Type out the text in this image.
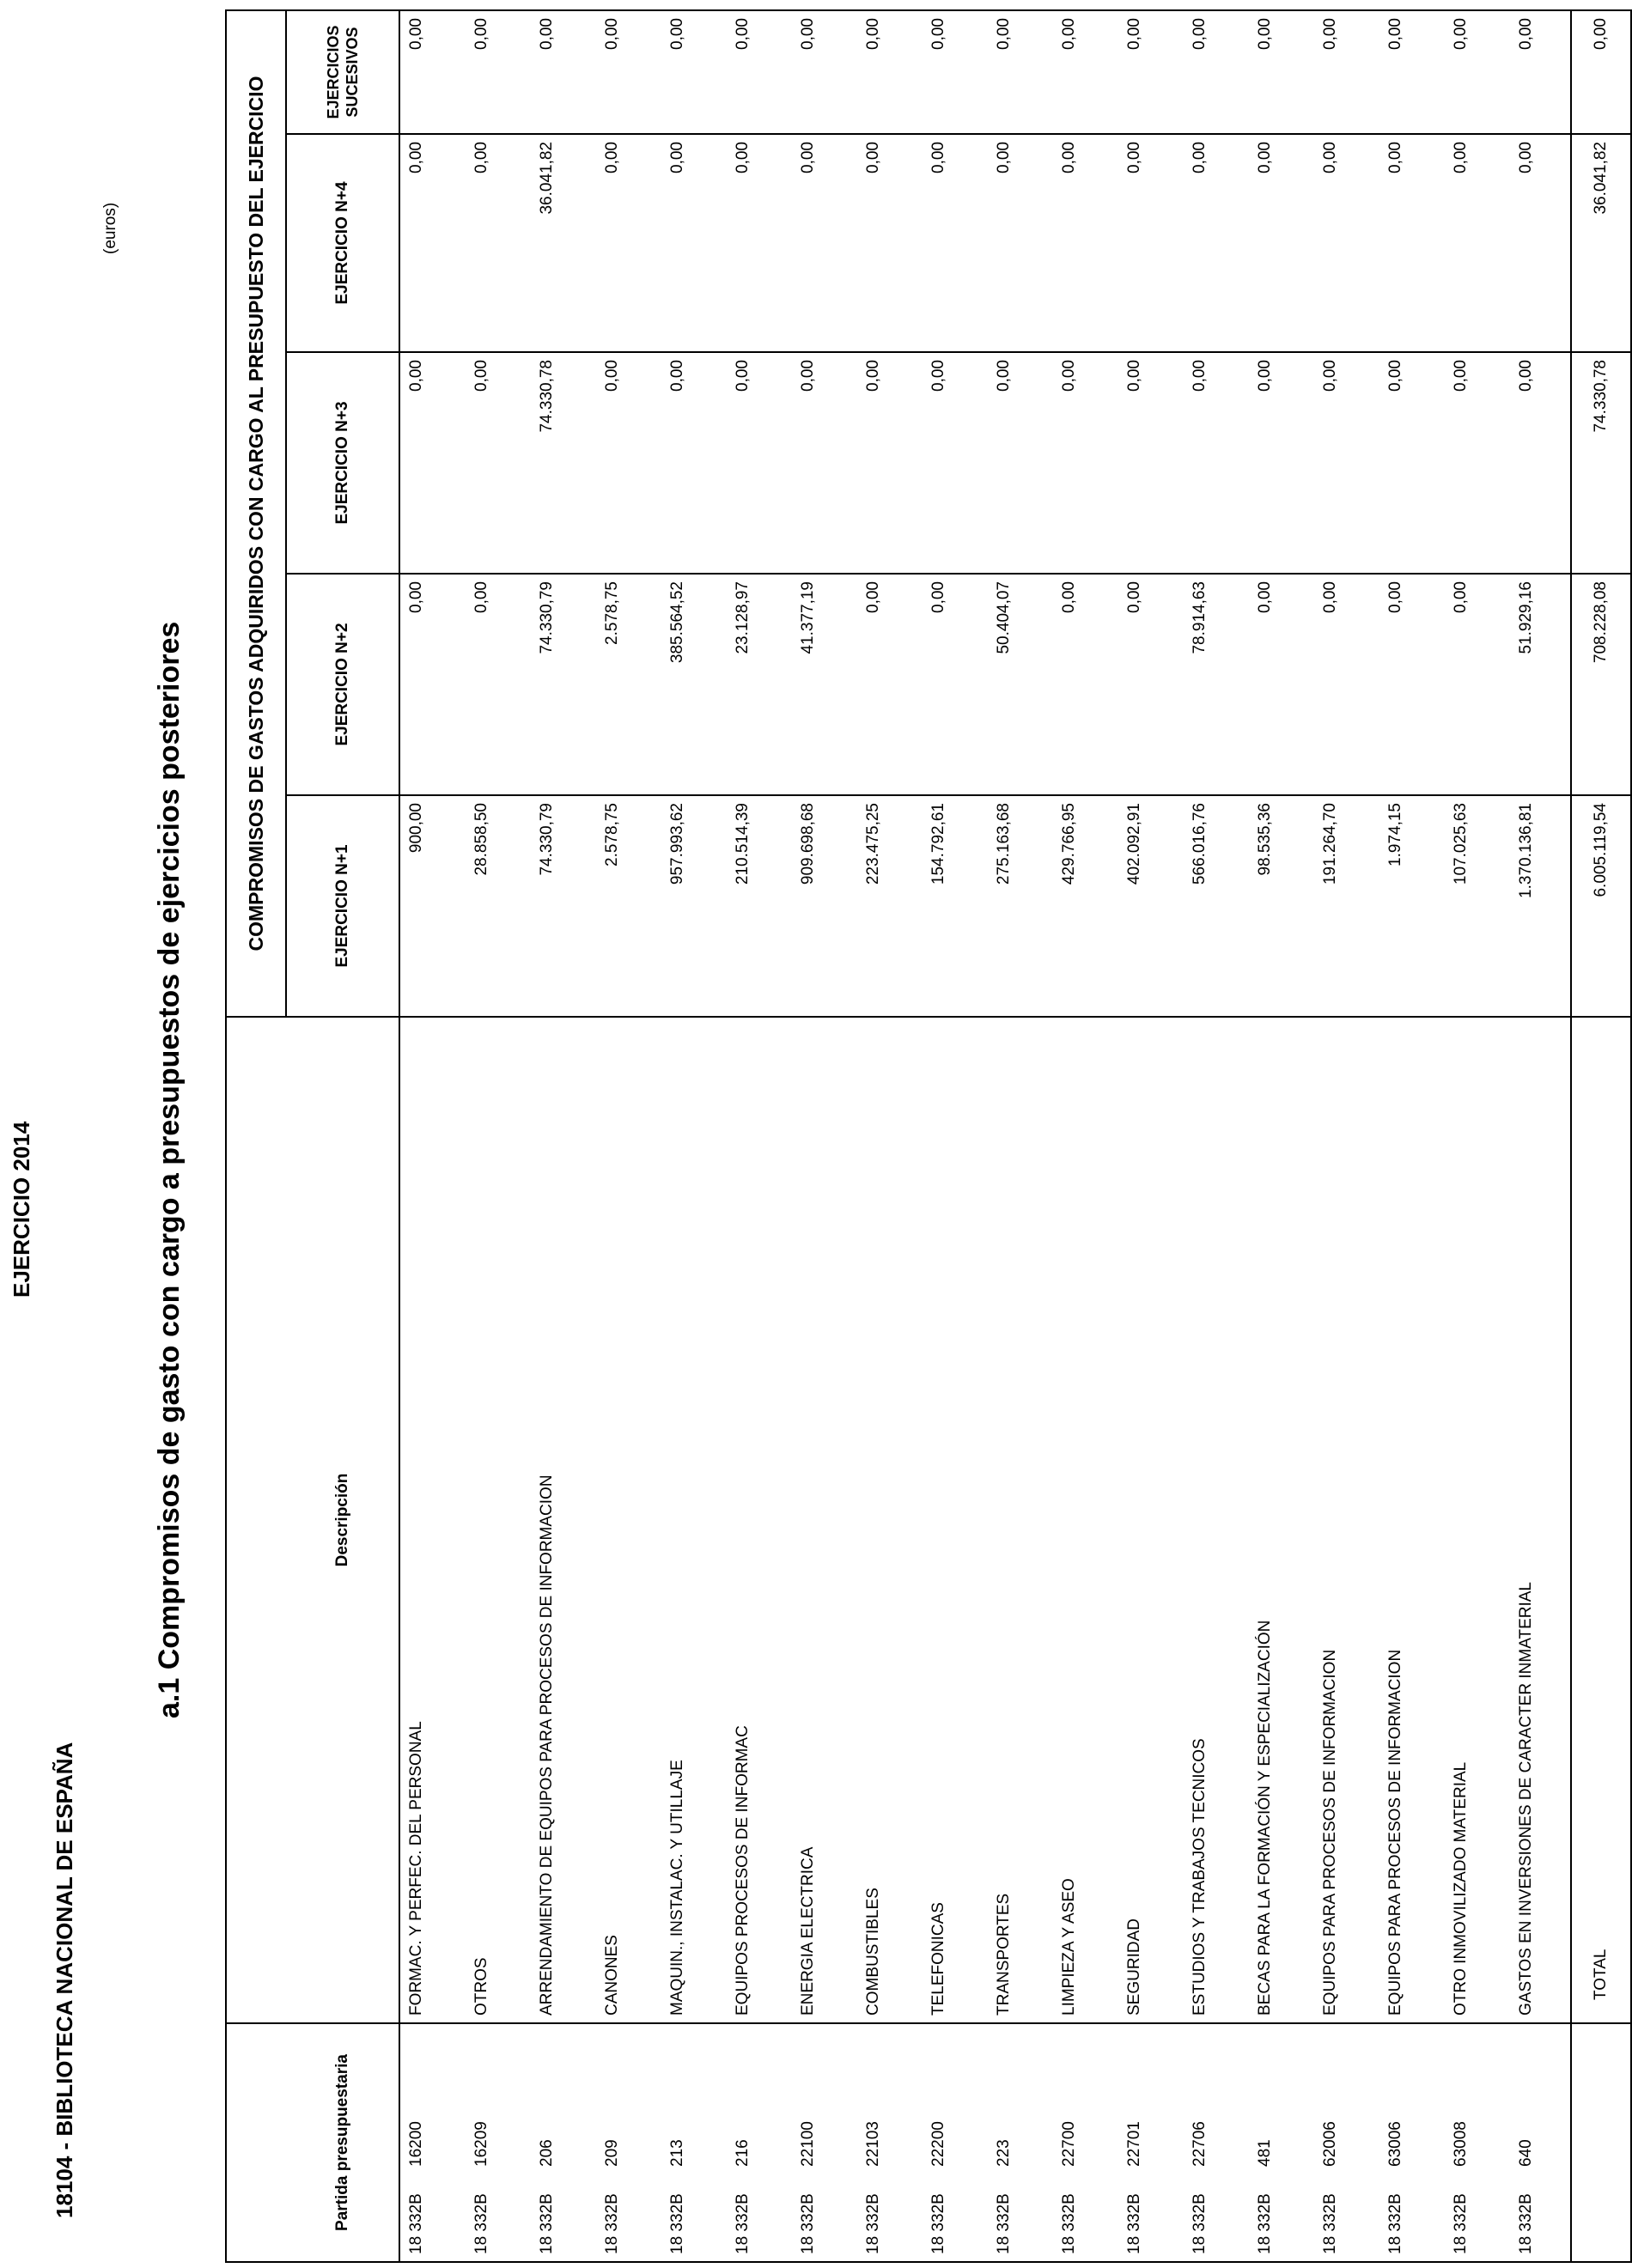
18104 - BIBLIOTECA NACIONAL DE ESPAÑA
EJERCICIO 2014	a.1 Compromisos de gasto con cargo a presupuestos de ejercicios posteriores
(euros)
			COMPROMISOS DE GASTOS ADQUIRIDOS CON CARGO AL PRESUPUESTO DEL EJERCICIO				
Partida presupuestaria	Descripción	EJERCICIO N+1	EJERCICIO N+2	EJERCICIO N+3	EJERCICIO N+4	EJERCICIOS SUCESIVOS
18 332B16200	FORMAC. Y PERFEC. DEL PERSONAL	900,00	0,00	0,00	0,00	0,00
18 332B16209	OTROS	28.858,50	0,00	0,00	0,00	0,00
18 332B206	ARRENDAMIENTO DE EQUIPOS PARA PROCESOS DE INFORMACION	74.330,79	74.330,79	74.330,78	36.041,82	0,00
18 332B209	CANONES	2.578,75	2.578,75	0,00	0,00	0,00
18 332B213	MAQUIN., INSTALAC. Y UTILLAJE	957.993,62	385.564,52	0,00	0,00	0,00
18 332B216	EQUIPOS PROCESOS DE INFORMAC	210.514,39	23.128,97	0,00	0,00	0,00
18 332B22100	ENERGIA ELECTRICA	909.698,68	41.377,19	0,00	0,00	0,00
18 332B22103	COMBUSTIBLES	223.475,25	0,00	0,00	0,00	0,00
18 332B22200	TELEFONICAS	154.792,61	0,00	0,00	0,00	0,00
18 332B223	TRANSPORTES	275.163,68	50.404,07	0,00	0,00	0,00
18 332B22700	LIMPIEZA Y ASEO	429.766,95	0,00	0,00	0,00	0,00
18 332B22701	SEGURIDAD	402.092,91	0,00	0,00	0,00	0,00
18 332B22706	ESTUDIOS Y TRABAJOS TECNICOS	566.016,76	78.914,63	0,00	0,00	0,00
18 332B481	BECAS PARA LA FORMACIÓN Y ESPECIALIZACIÓN	98.535,36	0,00	0,00	0,00	0,00
18 332B62006	EQUIPOS PARA PROCESOS DE INFORMACION	191.264,70	0,00	0,00	0,00	0,00
18 332B63006	EQUIPOS PARA PROCESOS DE INFORMACION	1.974,15	0,00	0,00	0,00	0,00
18 332B63008	OTRO INMOVILIZADO MATERIAL	107.025,63	0,00	0,00	0,00	0,00
18 332B640	GASTOS EN INVERSIONES DE CARACTER INMATERIAL	1.370.136,81	51.929,16	0,00	0,00	0,00
	TOTAL	6.005.119,54	708.228,08	74.330,78	36.041,82	0,00
